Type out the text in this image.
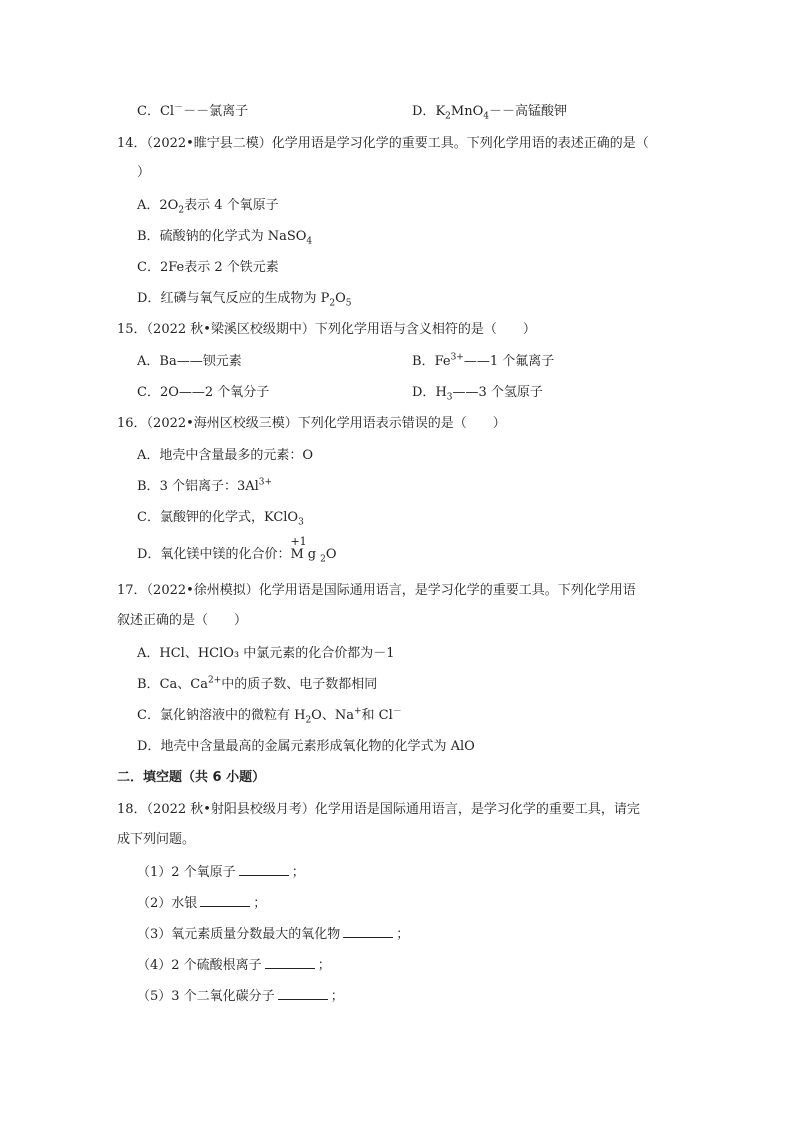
C．Cl－－－氯离子	D．$K_2MnO_4--$高锰酸钾
14．（2022•睢宁县二模）化学用语是学习化学的重要工具。下列化学用语的表述正确的是（
）
A．$2O_2$表示 4 个氧原子
B．硫酸钠的化学式为 NaSO$_4$
C．2Fe表示 2 个铁元素
D．红磷与氧气反应的生成物为 $P_2O_5$
15．（2022 秋•梁溪区校级期中）下列化学用语与含义相符的是（　　）
A．Ba——钡元素	B．$Fe^{3+}——1$ 个氟离子
C．2O——2 个氧分子	D．$H_3——3$ 个氢原子
16．（2022•海州区校级三模）下列化学用语表示错误的是（　　）
A．地壳中含量最多的元素：O
B．3 个铝离子：$3Al^{3+}$
C．氯酸钾的化学式，KClO$_3$
D．氧化镁中镁的化合价：
+1
$Mg_2O$
17．（2022•徐州模拟）化学用语是国际通用语言，是学习化学的重要工具。下列化学用语
叙述正确的是（　　）
A．HCl、HClO₃ 中氯元素的化合价都为－1
B．Ca、$Ca^{2+}$中的质子数、电子数都相同
C．氯化钠溶液中的微粒有 $H_2O$、Na+和 Cl－
D．地壳中含量最高的金属元素形成氧化物的化学式为 AlO
二．填空题（共 6 小题）
18．（2022 秋•射阳县校级月考）化学用语是国际通用语言，是学习化学的重要工具，请完
成下列问题。
（1）2 个氧原子	；
（2）水银	；
（3）氧元素质量分数最大的氧化物	；
（4）2 个硫酸根离子	；
（5）3 个二氧化碳分子	；
